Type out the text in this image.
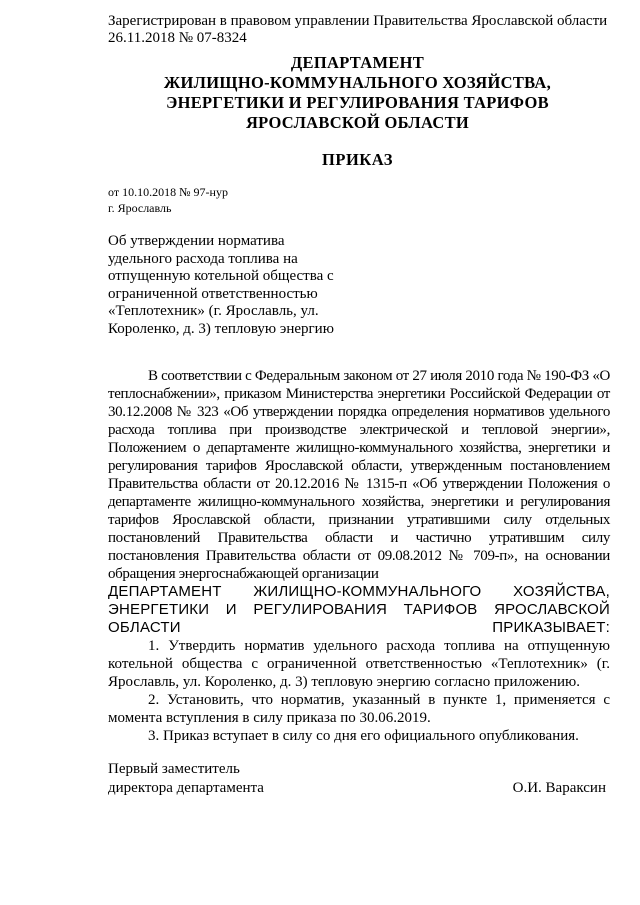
Зарегистрирован в правовом управлении Правительства Ярославской области
26.11.2018 № 07-8324
ДЕПАРТАМЕНТ
ЖИЛИЩНО-КОММУНАЛЬНОГО ХОЗЯЙСТВА,
ЭНЕРГЕТИКИ И РЕГУЛИРОВАНИЯ ТАРИФОВ
ЯРОСЛАВСКОЙ ОБЛАСТИ
ПРИКАЗ
от 10.10.2018 № 97-нур
г. Ярославль
Об утверждении норматива удельного расхода топлива на отпущенную котельной общества с ограниченной ответственностью «Теплотехник» (г. Ярославль, ул. Короленко, д. 3) тепловую энергию

В соответствии с Федеральным законом от 27 июля 2010 года № 190-ФЗ «О теплоснабжении», приказом Министерства энергетики Российской Федерации от 30.12.2008 № 323 «Об утверждении порядка определения нормативов удельного расхода топлива при производстве электрической и тепловой энергии», Положением о департаменте жилищно-коммунального хозяйства, энергетики и регулирования тарифов Ярославской области, утвержденным постановлением Правительства области от 20.12.2016 № 1315-п «Об утверждении Положения о департаменте жилищно-коммунального хозяйства, энергетики и регулирования тарифов Ярославской области, признании утратившими силу отдельных постановлений Правительства области и частично утратившим силу постановления Правительства области от 09.08.2012 № 709-п», на основании обращения энергоснабжающей организации

ДЕПАРТАМЕНТ ЖИЛИЩНО-КОММУНАЛЬНОГО ХОЗЯЙСТВА, ЭНЕРГЕТИКИ И РЕГУЛИРОВАНИЯ ТАРИФОВ ЯРОСЛАВСКОЙ ОБЛАСТИ ПРИКАЗЫВАЕТ:

1. Утвердить норматив удельного расхода топлива на отпущенную котельной общества с ограниченной ответственностью «Теплотехник» (г. Ярославль, ул. Короленко, д. 3) тепловую энергию согласно приложению.

2. Установить, что норматив, указанный в пункте 1, применяется с момента вступления в силу приказа по 30.06.2019.

3. Приказ вступает в силу со дня его официального опубликования.

Первый заместитель
директора департамента	О.И. Вараксин
